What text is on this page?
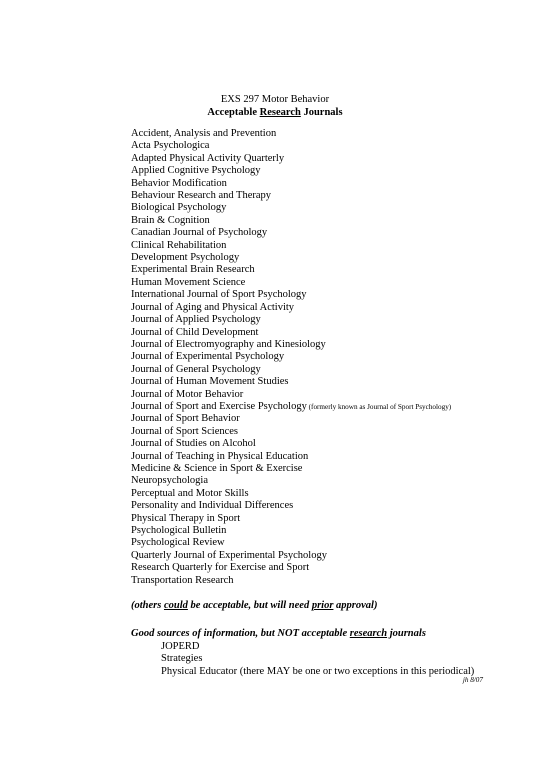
EXS 297 Motor Behavior
Acceptable Research Journals
Accident, Analysis and Prevention
Acta Psychologica
Adapted Physical Activity Quarterly
Applied Cognitive Psychology
Behavior Modification
Behaviour Research and Therapy
Biological Psychology
Brain & Cognition
Canadian Journal of Psychology
Clinical Rehabilitation
Development Psychology
Experimental Brain Research
Human Movement Science
International Journal of Sport Psychology
Journal of Aging and Physical Activity
Journal of Applied Psychology
Journal of Child Development
Journal of Electromyography and Kinesiology
Journal of Experimental Psychology
Journal of General Psychology
Journal of Human Movement Studies
Journal of Motor Behavior
Journal of Sport and Exercise Psychology (formerly known as Journal of Sport Psychology)
Journal of Sport Behavior
Journal of Sport Sciences
Journal of Studies on Alcohol
Journal of Teaching in Physical Education
Medicine & Science in Sport & Exercise
Neuropsychologia
Perceptual and Motor Skills
Personality and Individual Differences
Physical Therapy in Sport
Psychological Bulletin
Psychological Review
Quarterly Journal of Experimental Psychology
Research Quarterly for Exercise and Sport
Transportation Research
(others could be acceptable, but will need prior approval)
Good sources of information, but NOT acceptable research journals
JOPERD
Strategies
Physical Educator (there MAY be one or two exceptions in this periodical)
jh 8/07
